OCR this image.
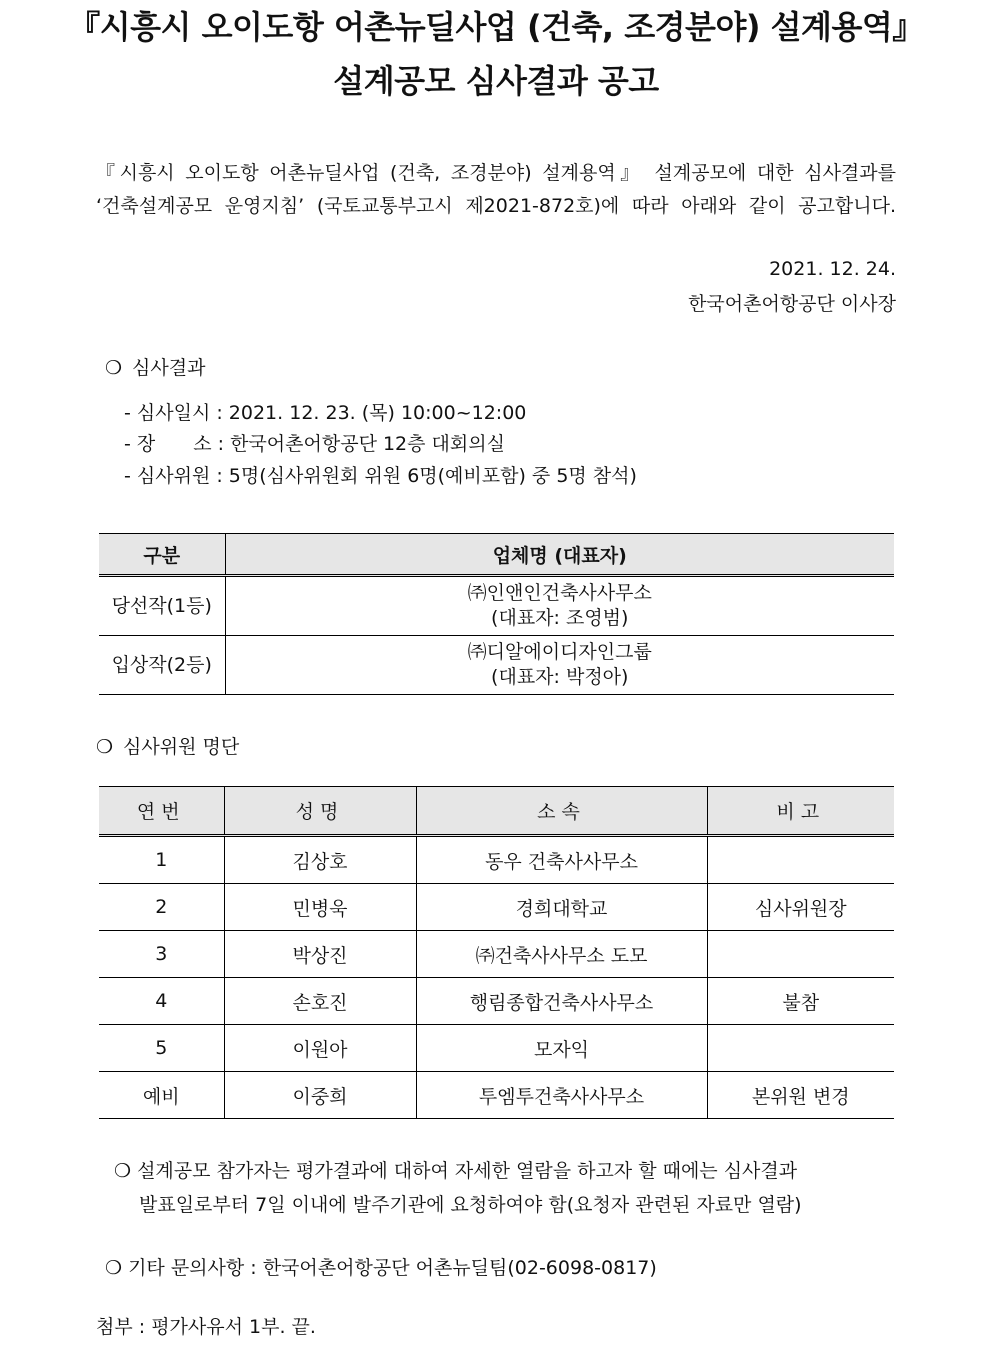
『시흥시 오이도항 어촌뉴딜사업 (건축, 조경분야) 설계용역』
설계공모 심사결과 공고
『시흥시 오이도항 어촌뉴딜사업 (건축, 조경분야) 설계용역』 설계공모에 대한 심사결과를
‘건축설계공모 운영지침’ (국토교통부고시 제2021-872호)에 따라 아래와 같이 공고합니다.
2021. 12. 24.
한국어촌어항공단 이사장
❍ 심사결과
- 심사일시 : 2021. 12. 23. (목) 10:00~12:00
- 장　　소 : 한국어촌어항공단 12층 대회의실
- 심사위원 : 5명(심사위원회 위원 6명(예비포함) 중 5명 참석)
구분	업체명 (대표자)
당선작(1등)	㈜인앤인건축사사무소
(대표자: 조영범)

입상작(2등)	㈜디알에이디자인그룹
(대표자: 박정아)
❍ 심사위원 명단
연번	성명	소속	비고
1	김상호	동우 건축사사무소	
2	민병욱	경희대학교	심사위원장
3	박상진	㈜건축사사무소 도모	
4	손호진	행림종합건축사사무소	불참
5	이원아	모자익	
예비	이중희	투엠투건축사사무소	본위원 변경
❍ 설계공모 참가자는 평가결과에 대하여 자세한 열람을 하고자 할 때에는 심사결과
발표일로부터 7일 이내에 발주기관에 요청하여야 함(요청자 관련된 자료만 열람)
❍ 기타 문의사항 : 한국어촌어항공단 어촌뉴딜팀(02-6098-0817)
첨부 : 평가사유서 1부. 끝.
